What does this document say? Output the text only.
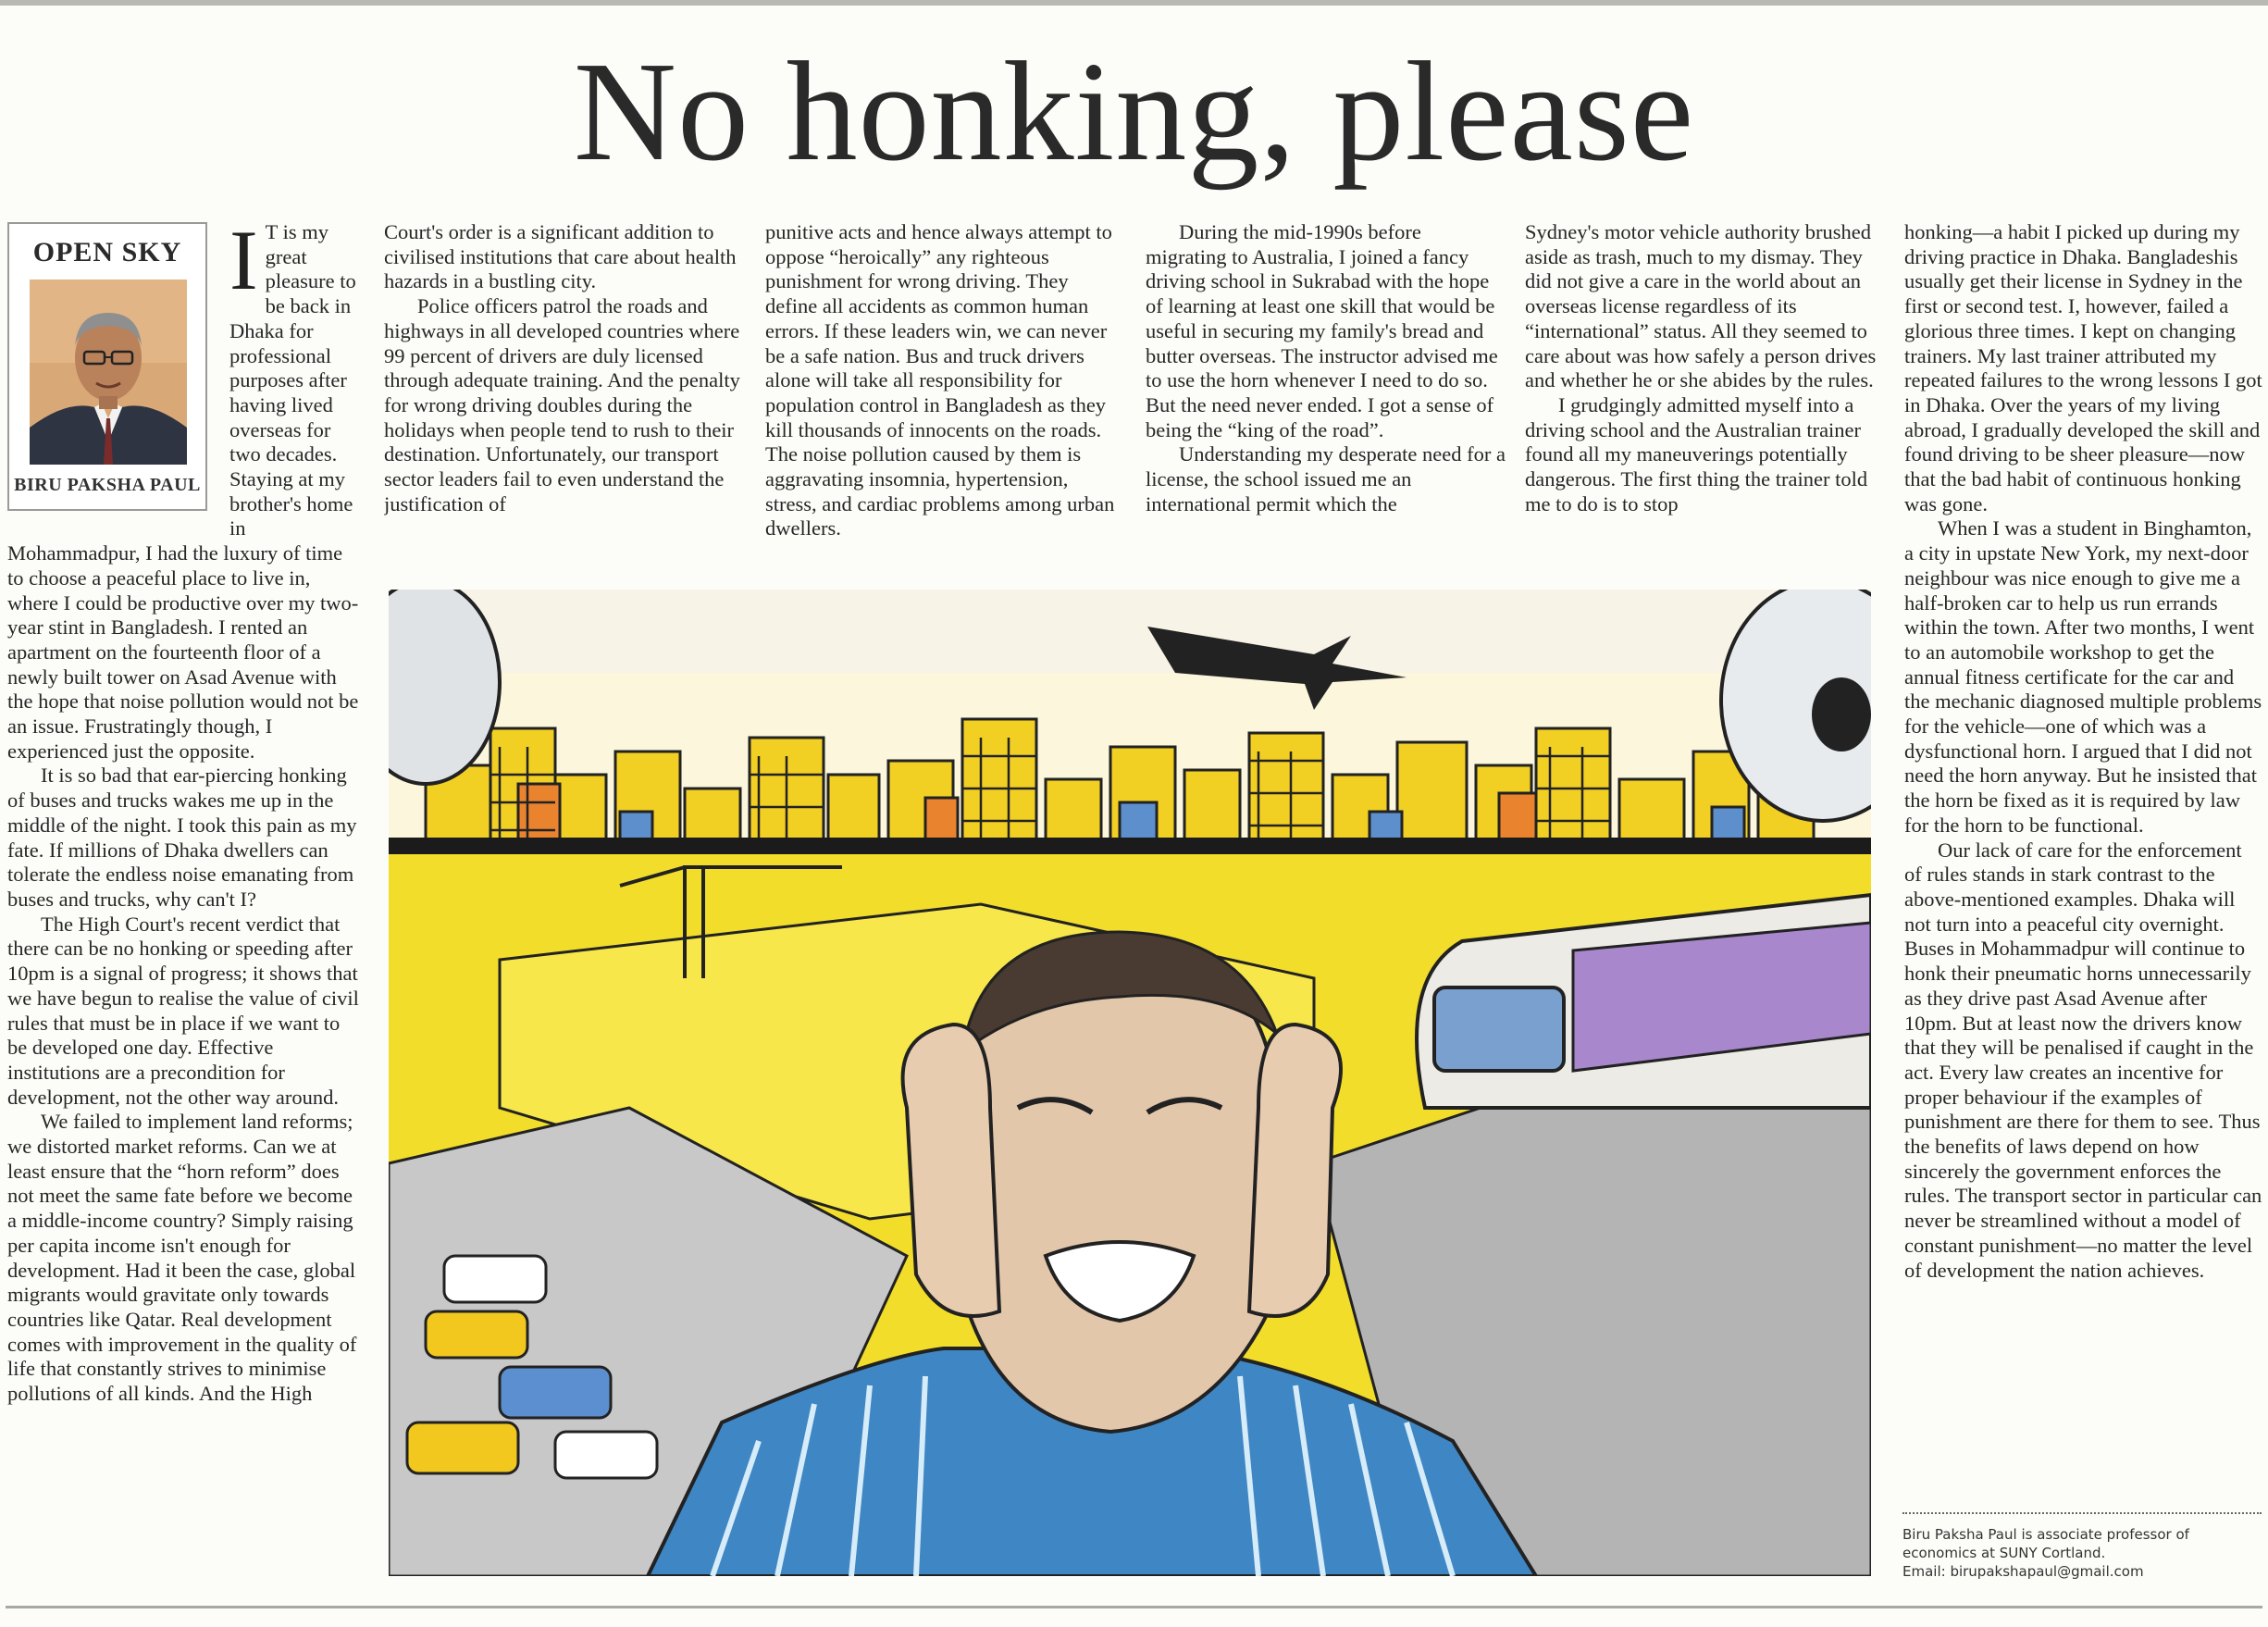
No honking, please
OPEN SKY
BIRU PAKSHA PAUL
I T is my great pleasure to be back in Dhaka for professional purposes after having lived overseas for two decades. Staying at my brother's home in Mohammadpur, I had the luxury of time to choose a peaceful place to live in, where I could be productive over my two-year stint in Bangladesh. I rented an apartment on the fourteenth floor of a newly built tower on Asad Avenue with the hope that noise pollution would not be an issue. Frustratingly though, I experienced just the opposite.

It is so bad that ear-piercing honking of buses and trucks wakes me up in the middle of the night. I took this pain as my fate. If millions of Dhaka dwellers can tolerate the endless noise emanating from buses and trucks, why can't I?

The High Court's recent verdict that there can be no honking or speeding after 10pm is a signal of progress; it shows that we have begun to realise the value of civil rules that must be in place if we want to be developed one day. Effective institutions are a precondition for development, not the other way around.

We failed to implement land reforms; we distorted market reforms. Can we at least ensure that the “horn reform” does not meet the same fate before we become a middle-income country? Simply raising per capita income isn't enough for development. Had it been the case, global migrants would gravitate only towards countries like Qatar. Real development comes with improvement in the quality of life that constantly strives to minimise pollutions of all kinds. And the High

Court's order is a significant addition to civilised institutions that care about health hazards in a bustling city.

Police officers patrol the roads and highways in all developed countries where 99 percent of drivers are duly licensed through adequate training. And the penalty for wrong driving doubles during the holidays when people tend to rush to their destination. Unfortunately, our transport sector leaders fail to even understand the justification of

punitive acts and hence always attempt to oppose “heroically” any righteous punishment for wrong driving. They define all accidents as common human errors. If these leaders win, we can never be a safe nation. Bus and truck drivers alone will take all responsibility for population control in Bangladesh as they kill thousands of innocents on the roads. The noise pollution caused by them is aggravating insomnia, hypertension, stress, and cardiac problems among urban dwellers.

During the mid-1990s before migrating to Australia, I joined a fancy driving school in Sukrabad with the hope of learning at least one skill that would be useful in securing my family's bread and butter overseas. The instructor advised me to use the horn whenever I need to do so. But the need never ended. I got a sense of being the “king of the road”.

Understanding my desperate need for a license, the school issued me an international permit which the

Sydney's motor vehicle authority brushed aside as trash, much to my dismay. They did not give a care in the world about an overseas license regardless of its “international” status. All they seemed to care about was how safely a person drives and whether he or she abides by the rules.

I grudgingly admitted myself into a driving school and the Australian trainer found all my maneuverings potentially dangerous. The first thing the trainer told me to do is to stop

honking—a habit I picked up during my driving practice in Dhaka. Bangladeshis usually get their license in Sydney in the first or second test. I, however, failed a glorious three times. I kept on changing trainers. My last trainer attributed my repeated failures to the wrong lessons I got in Dhaka. Over the years of my living abroad, I gradually developed the skill and found driving to be sheer pleasure—now that the bad habit of continuous honking was gone.

When I was a student in Binghamton, a city in upstate New York, my next-door neighbour was nice enough to give me a half-broken car to help us run errands within the town. After two months, I went to an automobile workshop to get the annual fitness certificate for the car and the mechanic diagnosed multiple problems for the vehicle—one of which was a dysfunctional horn. I argued that I did not need the horn anyway. But he insisted that the horn be fixed as it is required by law for the horn to be functional.

Our lack of care for the enforcement of rules stands in stark contrast to the above-mentioned examples. Dhaka will not turn into a peaceful city overnight. Buses in Mohammadpur will continue to honk their pneumatic horns unnecessarily as they drive past Asad Avenue after 10pm. But at least now the drivers know that they will be penalised if caught in the act. Every law creates an incentive for proper behaviour if the examples of punishment are there for them to see. Thus the benefits of laws depend on how sincerely the government enforces the rules. The transport sector in particular can never be streamlined without a model of constant punishment—no matter the level of development the nation achieves.

Biru Paksha Paul is associate professor of
economics at SUNY Cortland.
Email: birupakshapaul@gmail.com
